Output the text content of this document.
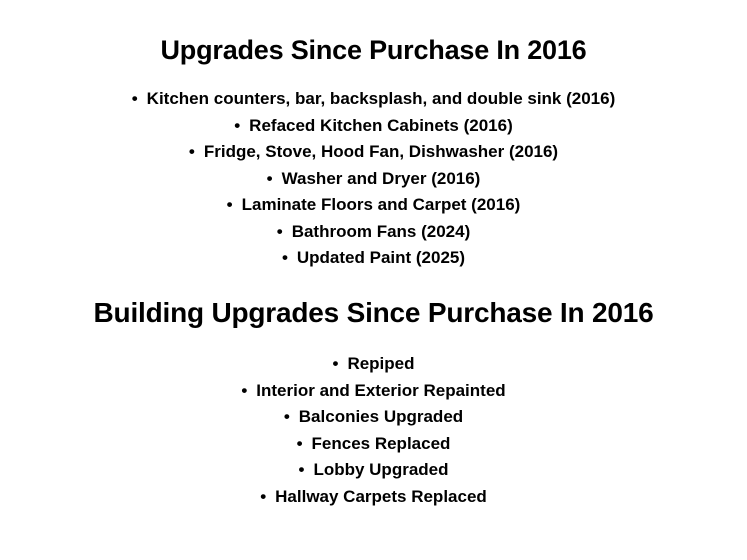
Upgrades Since Purchase In 2016
• Kitchen counters, bar, backsplash, and double sink (2016)
• Refaced Kitchen Cabinets (2016)
• Fridge, Stove, Hood Fan, Dishwasher (2016)
• Washer and Dryer (2016)
• Laminate Floors and Carpet (2016)
• Bathroom Fans (2024)
• Updated Paint (2025)
Building Upgrades Since Purchase In 2016
• Repiped
• Interior and Exterior Repainted
• Balconies Upgraded
• Fences Replaced
• Lobby Upgraded
• Hallway Carpets Replaced
